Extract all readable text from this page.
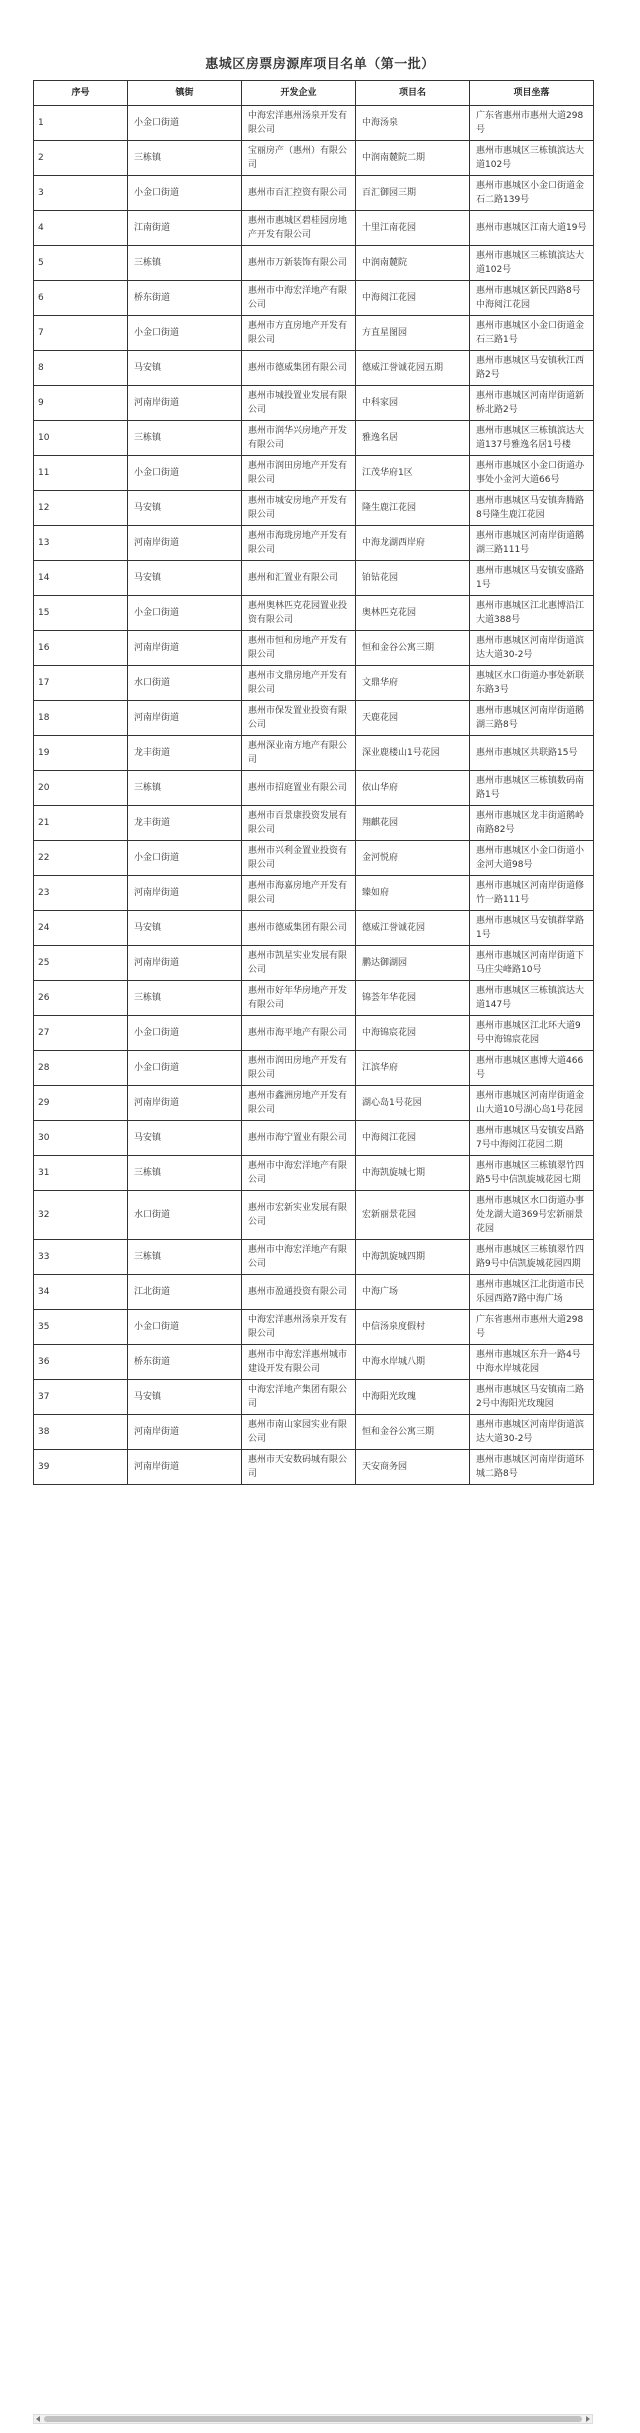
惠城区房票房源库项目名单（第一批）
序号	镇街	开发企业	项目名	项目坐落
1	小金口街道	中海宏洋惠州汤泉开发有限公司	中海汤泉	广东省惠州市惠州大道298号
2	三栋镇	宝丽房产（惠州）有限公司	中润南麓院二期	惠州市惠城区三栋镇滨达大道102号
3	小金口街道	惠州市百汇控资有限公司	百汇御园三期	惠州市惠城区小金口街道金石二路139号
4	江南街道	惠州市惠城区碧桂园房地产开发有限公司	十里江南花园	惠州市惠城区江南大道19号
5	三栋镇	惠州市万新装饰有限公司	中润南麓院	惠州市惠城区三栋镇滨达大道102号
6	桥东街道	惠州市中海宏洋地产有限公司	中海阅江花园	惠州市惠城区新民四路8号中海阅江花园
7	小金口街道	惠州市方直房地产开发有限公司	方直星图园	惠州市惠城区小金口街道金石三路1号
8	马安镇	惠州市德威集团有限公司	德威江誉诚花园五期	惠州市惠城区马安镇秋江西路2号
9	河南岸街道	惠州市城投置业发展有限公司	中科家园	惠州市惠城区河南岸街道新桥北路2号
10	三栋镇	惠州市润华兴房地产开发有限公司	雅逸名居	惠州市惠城区三栋镇滨达大道137号雅逸名居1号楼
11	小金口街道	惠州市润田房地产开发有限公司	江茂华府1区	惠州市惠城区小金口街道办事处小金河大道66号
12	马安镇	惠州市城安房地产开发有限公司	隆生鹿江花园	惠州市惠城区马安镇奔腾路8号隆生鹿江花园
13	河南岸街道	惠州市海珑房地产开发有限公司	中海龙湖西岸府	惠州市惠城区河南岸街道鹅湖三路111号
14	马安镇	惠州和汇置业有限公司	铂钻花园	惠州市惠城区马安镇安盛路1号
15	小金口街道	惠州奥林匹克花园置业投资有限公司	奥林匹克花园	惠州市惠城区江北惠博沿江大道388号
16	河南岸街道	惠州市恒和房地产开发有限公司	恒和金谷公寓三期	惠州市惠城区河南岸街道滨达大道30-2号
17	水口街道	惠州市文鼎房地产开发有限公司	文鼎华府	惠城区水口街道办事处新联东路3号
18	河南岸街道	惠州市保发置业投资有限公司	天鹿花园	惠州市惠城区河南岸街道鹅湖三路8号
19	龙丰街道	惠州深业南方地产有限公司	深业鹿楼山1号花园	惠州市惠城区共联路15号
20	三栋镇	惠州市招庭置业有限公司	依山华府	惠州市惠城区三栋镇数码南路1号
21	龙丰街道	惠州市百景康投资发展有限公司	翔麒花园	惠州市惠城区龙丰街道鹅岭南路82号
22	小金口街道	惠州市兴利金置业投资有限公司	金河悦府	惠州市惠城区小金口街道小金河大道98号
23	河南岸街道	惠州市海嘉房地产开发有限公司	臻如府	惠州市惠城区河南岸街道修竹一路111号
24	马安镇	惠州市德威集团有限公司	德威江誉诚花园	惠州市惠城区马安镇群掌路1号
25	河南岸街道	惠州市凯星实业发展有限公司	鹏达御湖园	惠州市惠城区河南岸街道下马庄尖峰路10号
26	三栋镇	惠州市好年华房地产开发有限公司	锦荟年华花园	惠州市惠城区三栋镇滨达大道147号
27	小金口街道	惠州市海平地产有限公司	中海锦宸花园	惠州市惠城区江北环大道9号中海锦宸花园
28	小金口街道	惠州市润田房地产开发有限公司	江滨华府	惠州市惠城区惠博大道466号
29	河南岸街道	惠州市鑫洲房地产开发有限公司	湖心岛1号花园	惠州市惠城区河南岸街道金山大道10号湖心岛1号花园
30	马安镇	惠州市海宁置业有限公司	中海阅江花园	惠州市惠城区马安镇安昌路7号中海阅江花园二期
31	三栋镇	惠州市中海宏洋地产有限公司	中海凯旋城七期	惠州市惠城区三栋镇翠竹四路5号中信凯旋城花园七期
32	水口街道	惠州市宏新实业发展有限公司	宏新丽景花园	惠州市惠城区水口街道办事处龙湖大道369号宏新丽景花园
33	三栋镇	惠州市中海宏洋地产有限公司	中海凯旋城四期	惠州市惠城区三栋镇翠竹四路9号中信凯旋城花园四期
34	江北街道	惠州市盈通投资有限公司	中海广场	惠州市惠城区江北街道市民乐园西路7路中海广场
35	小金口街道	中海宏洋惠州汤泉开发有限公司	中信汤泉度假村	广东省惠州市惠州大道298号
36	桥东街道	惠州市中海宏洋惠州城市建设开发有限公司	中海水岸城八期	惠州市惠城区东升一路4号中海水岸城花园
37	马安镇	中海宏洋地产集团有限公司	中海阳光玫瑰	惠州市惠城区马安镇南二路2号中海阳光玫瑰园
38	河南岸街道	惠州市南山家园实业有限公司	恒和金谷公寓三期	惠州市惠城区河南岸街道滨达大道30-2号
39	河南岸街道	惠州市天安数码城有限公司	天安商务园	惠州市惠城区河南岸街道环城二路8号
